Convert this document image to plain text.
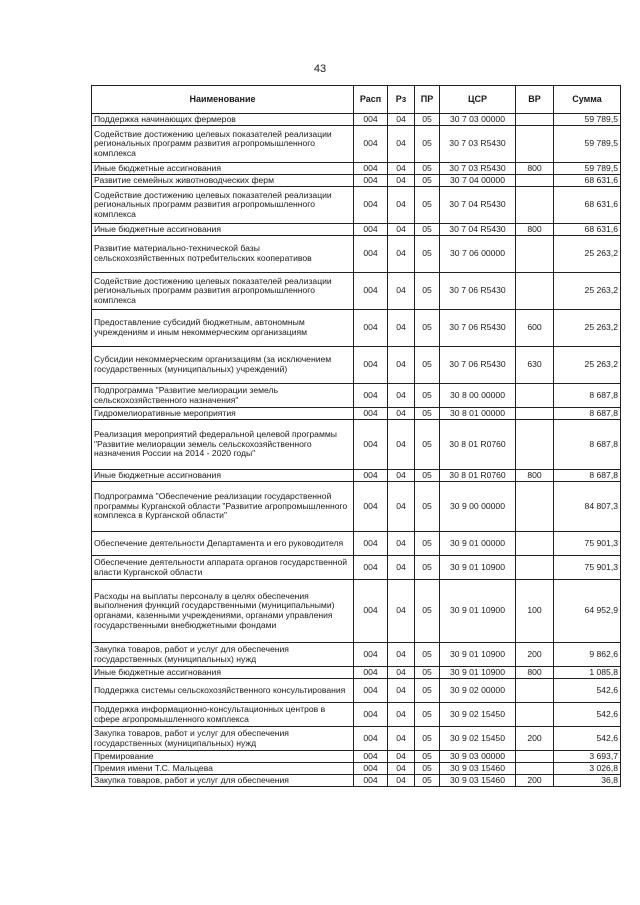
43
Наименование	Расп	Рз	ПР	ЦСР	ВР	Сумма
Поддержка начинающих фермеров	004	04	05	30 7 03 00000		59 789,5
Содействие достижению целевых показателей реализации региональных программ развития агропромышленного комплекса	004	04	05	30 7 03 R5430		59 789,5
Иные бюджетные ассигнования	004	04	05	30 7 03 R5430	800	59 789,5
Развитие семейных животноводческих ферм	004	04	05	30 7 04 00000		68 631,6
Содействие достижению целевых показателей реализации региональных программ развития агропромышленного комплекса	004	04	05	30 7 04 R5430		68 631,6
Иные бюджетные ассигнования	004	04	05	30 7 04 R5430	800	68 631,6
Развитие материально-технической базы сельскохозяйственных потребительских кооперативов	004	04	05	30 7 06 00000		25 263,2
Содействие достижению целевых показателей реализации региональных программ развития агропромышленного комплекса	004	04	05	30 7 06 R5430		25 263,2
Предоставление субсидий бюджетным, автономным учреждениям и иным некоммерческим организациям	004	04	05	30 7 06 R5430	600	25 263,2
Субсидии некоммерческим организациям (за исключением государственных (муниципальных) учреждений)	004	04	05	30 7 06 R5430	630	25 263,2
Подпрограмма "Развитие мелиорации земель сельскохозяйственного назначения"	004	04	05	30 8 00 00000		8 687,8
Гидромелиоративные мероприятия	004	04	05	30 8 01 00000		8 687,8
Реализация мероприятий федеральной целевой программы "Развитие мелиорации земель сельскохозяйственного назначения России на 2014 - 2020 годы"	004	04	05	30 8 01 R0760		8 687,8
Иные бюджетные ассигнования	004	04	05	30 8 01 R0760	800	8 687,8
Подпрограмма "Обеспечение реализации государственной программы Курганской области "Развитие агропромышленного комплекса в Курганской области"	004	04	05	30 9 00 00000		84 807,3
Обеспечение деятельности Департамента и его руководителя	004	04	05	30 9 01 00000		75 901,3
Обеспечение деятельности аппарата органов государственной власти Курганской области	004	04	05	30 9 01 10900		75 901,3
Расходы на выплаты персоналу в целях обеспечения выполнения функций государственными (муниципальными) органами, казенными учреждениями, органами управления государственными внебюджетными фондами	004	04	05	30 9 01 10900	100	64 952,9
Закупка товаров, работ и услуг для обеспечения государственных (муниципальных) нужд	004	04	05	30 9 01 10900	200	9 862,6
Иные бюджетные ассигнования	004	04	05	30 9 01 10900	800	1 085,8
Поддержка системы сельскохозяйственного консультирования	004	04	05	30 9 02 00000		542,6
Поддержка информационно-консультационных центров в сфере агропромышленного комплекса	004	04	05	30 9 02 15450		542,6
Закупка товаров, работ и услуг для обеспечения государственных (муниципальных) нужд	004	04	05	30 9 02 15450	200	542,6
Премирование	004	04	05	30 9 03 00000		3 693,7
Премия имени Т.С. Мальцева	004	04	05	30 9 03 15460		3 026,8
Закупка товаров, работ и услуг для обеспечения	004	04	05	30 9 03 15460	200	36,8
